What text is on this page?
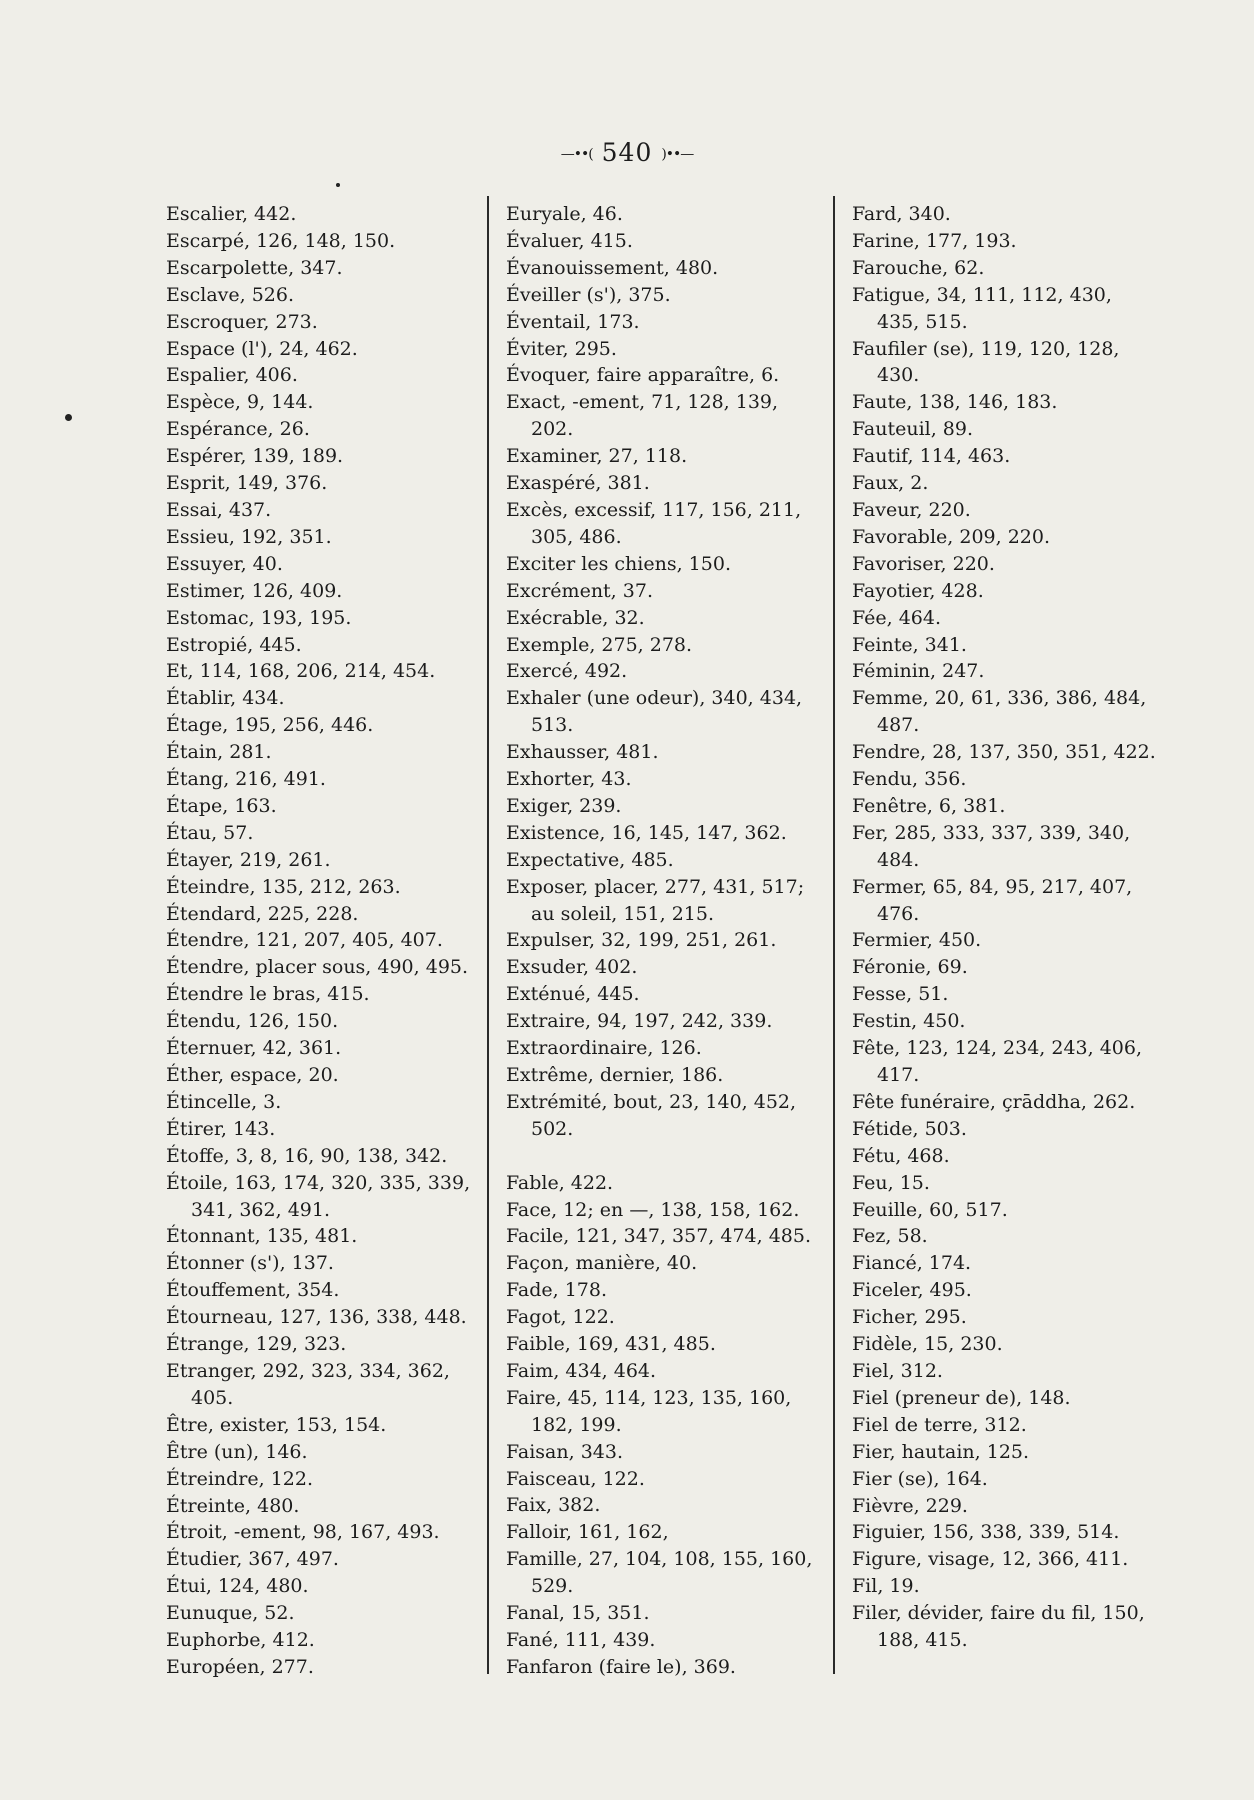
—••( 540 )••—
Escalier, 442.
Escarpé, 126, 148, 150.
Escarpolette, 347.
Esclave, 526.
Escroquer, 273.
Espace (l'), 24, 462.
Espalier, 406.
Espèce, 9, 144.
Espérance, 26.
Espérer, 139, 189.
Esprit, 149, 376.
Essai, 437.
Essieu, 192, 351.
Essuyer, 40.
Estimer, 126, 409.
Estomac, 193, 195.
Estropié, 445.
Et, 114, 168, 206, 214, 454.
Établir, 434.
Étage, 195, 256, 446.
Étain, 281.
Étang, 216, 491.
Étape, 163.
Étau, 57.
Étayer, 219, 261.
Éteindre, 135, 212, 263.
Étendard, 225, 228.
Étendre, 121, 207, 405, 407.
Étendre, placer sous, 490, 495.
Étendre le bras, 415.
Étendu, 126, 150.
Éternuer, 42, 361.
Éther, espace, 20.
Étincelle, 3.
Étirer, 143.
Étoffe, 3, 8, 16, 90, 138, 342.
Étoile, 163, 174, 320, 335, 339, 341, 362, 491.
Étonnant, 135, 481.
Étonner (s'), 137.
Étouffement, 354.
Étourneau, 127, 136, 338, 448.
Étrange, 129, 323.
Etranger, 292, 323, 334, 362, 405.
Être, exister, 153, 154.
Être (un), 146.
Étreindre, 122.
Étreinte, 480.
Étroit, -ement, 98, 167, 493.
Étudier, 367, 497.
Étui, 124, 480.
Eunuque, 52.
Euphorbe, 412.
Européen, 277.
Euryale, 46.
Évaluer, 415.
Évanouissement, 480.
Éveiller (s'), 375.
Éventail, 173.
Éviter, 295.
Évoquer, faire apparaître, 6.
Exact, -ement, 71, 128, 139, 202.
Examiner, 27, 118.
Exaspéré, 381.
Excès, excessif, 117, 156, 211, 305, 486.
Exciter les chiens, 150.
Excrément, 37.
Exécrable, 32.
Exemple, 275, 278.
Exercé, 492.
Exhaler (une odeur), 340, 434, 513.
Exhausser, 481.
Exhorter, 43.
Exiger, 239.
Existence, 16, 145, 147, 362.
Expectative, 485.
Exposer, placer, 277, 431, 517; au soleil, 151, 215.
Expulser, 32, 199, 251, 261.
Exsuder, 402.
Exténué, 445.
Extraire, 94, 197, 242, 339.
Extraordinaire, 126.
Extrême, dernier, 186.
Extrémité, bout, 23, 140, 452, 502.
Fable, 422.
Face, 12; en —, 138, 158, 162.
Facile, 121, 347, 357, 474, 485.
Façon, manière, 40.
Fade, 178.
Fagot, 122.
Faible, 169, 431, 485.
Faim, 434, 464.
Faire, 45, 114, 123, 135, 160, 182, 199.
Faisan, 343.
Faisceau, 122.
Faix, 382.
Falloir, 161, 162,
Famille, 27, 104, 108, 155, 160, 529.
Fanal, 15, 351.
Fané, 111, 439.
Fanfaron (faire le), 369.
Fard, 340.
Farine, 177, 193.
Farouche, 62.
Fatigue, 34, 111, 112, 430, 435, 515.
Faufiler (se), 119, 120, 128, 430.
Faute, 138, 146, 183.
Fauteuil, 89.
Fautif, 114, 463.
Faux, 2.
Faveur, 220.
Favorable, 209, 220.
Favoriser, 220.
Fayotier, 428.
Fée, 464.
Feinte, 341.
Féminin, 247.
Femme, 20, 61, 336, 386, 484, 487.
Fendre, 28, 137, 350, 351, 422.
Fendu, 356.
Fenêtre, 6, 381.
Fer, 285, 333, 337, 339, 340, 484.
Fermer, 65, 84, 95, 217, 407, 476.
Fermier, 450.
Féronie, 69.
Fesse, 51.
Festin, 450.
Fête, 123, 124, 234, 243, 406, 417.
Fête funéraire, çrāddha, 262.
Fétide, 503.
Fétu, 468.
Feu, 15.
Feuille, 60, 517.
Fez, 58.
Fiancé, 174.
Ficeler, 495.
Ficher, 295.
Fidèle, 15, 230.
Fiel, 312.
Fiel (preneur de), 148.
Fiel de terre, 312.
Fier, hautain, 125.
Fier (se), 164.
Fièvre, 229.
Figuier, 156, 338, 339, 514.
Figure, visage, 12, 366, 411.
Fil, 19.
Filer, dévider, faire du fil, 150, 188, 415.
